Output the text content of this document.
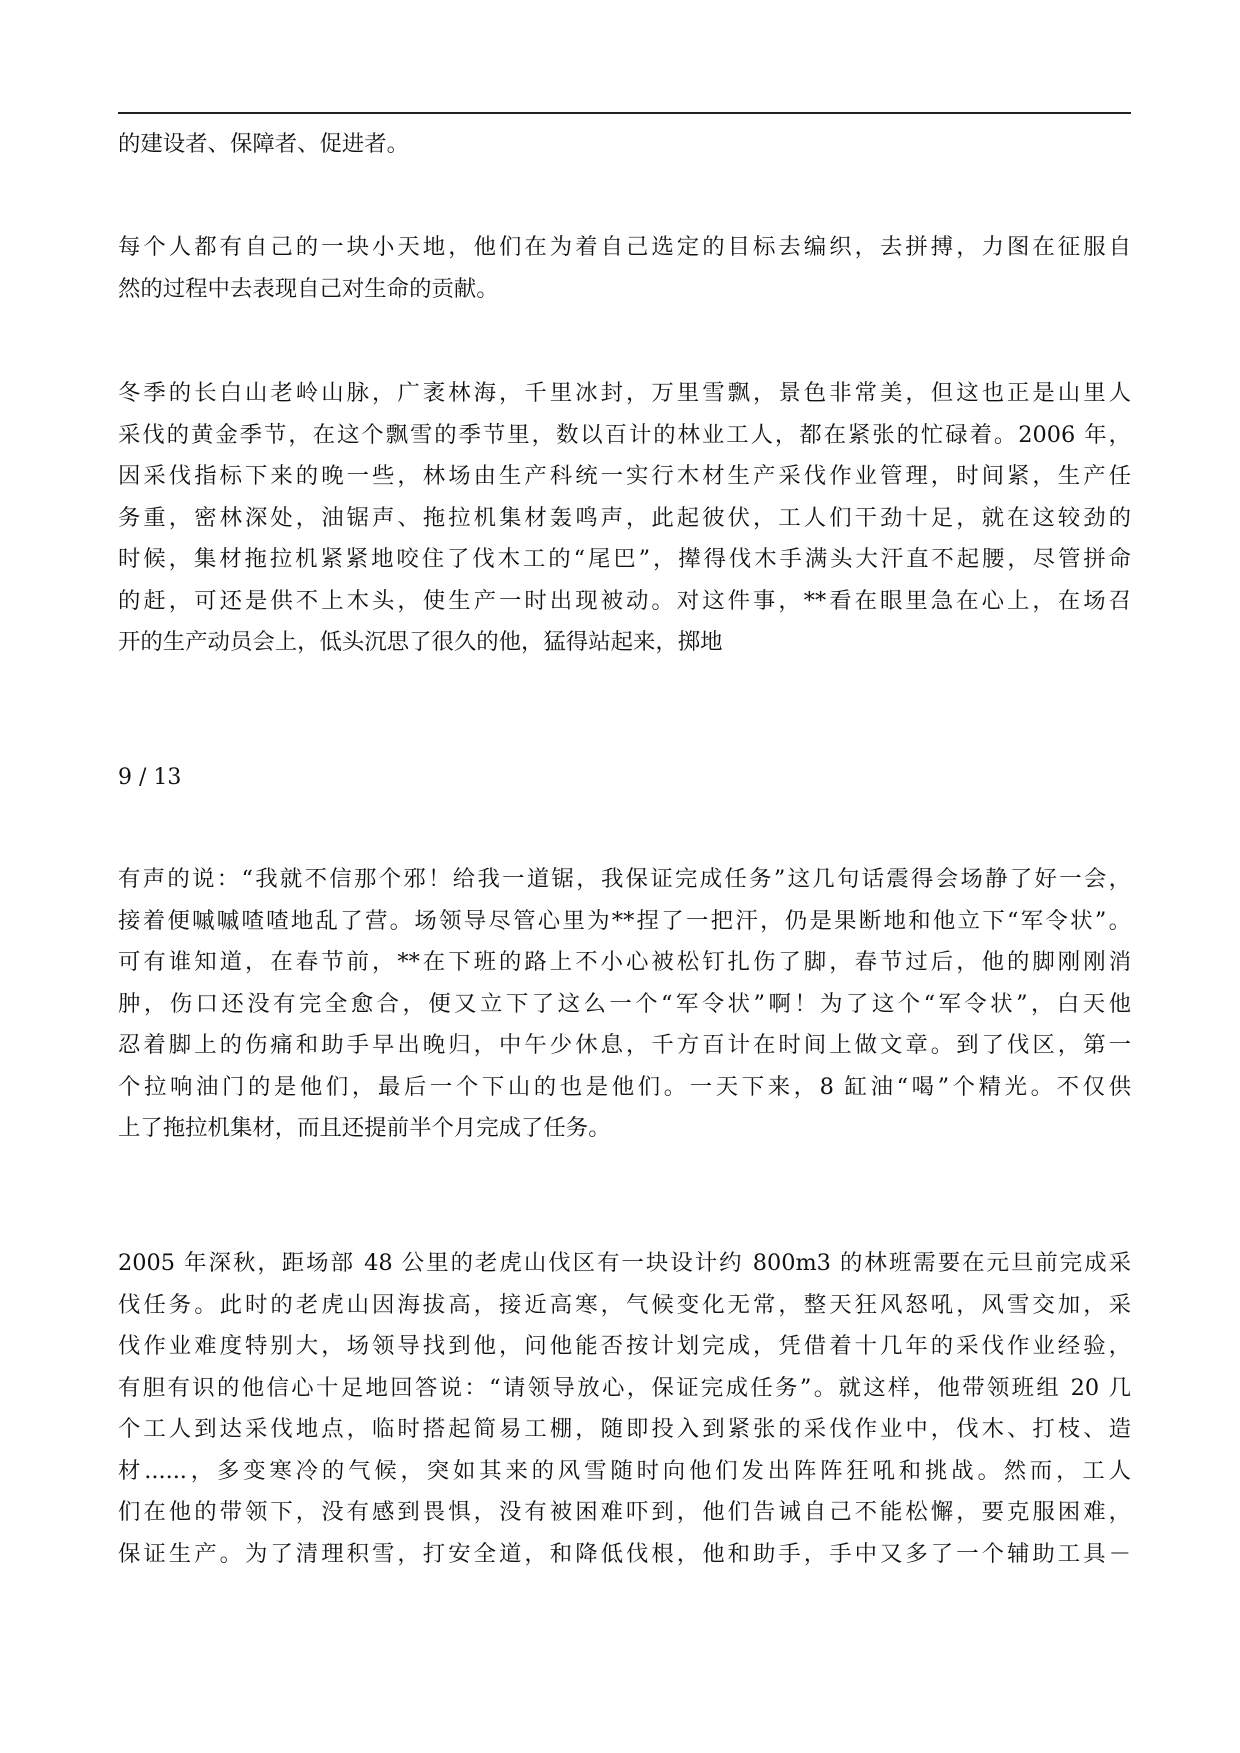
的建设者、保障者、促进者。
每个人都有自己的一块小天地，他们在为着自己选定的目标去编织，去拼搏，力图在征服自
然的过程中去表现自己对生命的贡献。
冬季的长白山老岭山脉，广袤林海，千里冰封，万里雪飘，景色非常美，但这也正是山里人
采伐的黄金季节，在这个飘雪的季节里，数以百计的林业工人，都在紧张的忙碌着。2006 年，
因采伐指标下来的晚一些，林场由生产科统一实行木材生产采伐作业管理，时间紧，生产任
务重，密林深处，油锯声、拖拉机集材轰鸣声，此起彼伏，工人们干劲十足，就在这较劲的
时候，集材拖拉机紧紧地咬住了伐木工的“尾巴”，撵得伐木手满头大汗直不起腰，尽管拼命
的赶，可还是供不上木头，使生产一时出现被动。对这件事，**看在眼里急在心上，在场召
开的生产动员会上，低头沉思了很久的他，猛得站起来，掷地
9 / 13
有声的说：“我就不信那个邪！给我一道锯，我保证完成任务”这几句话震得会场静了好一会，
接着便嘁嘁喳喳地乱了营。场领导尽管心里为**捏了一把汗，仍是果断地和他立下“军令状”。
可有谁知道，在春节前，**在下班的路上不小心被松钉扎伤了脚，春节过后，他的脚刚刚消
肿，伤口还没有完全愈合，便又立下了这么一个“军令状”啊！为了这个“军令状”，白天他
忍着脚上的伤痛和助手早出晚归，中午少休息，千方百计在时间上做文章。到了伐区，第一
个拉响油门的是他们，最后一个下山的也是他们。一天下来，8 缸油“喝”个精光。不仅供
上了拖拉机集材，而且还提前半个月完成了任务。
2005 年深秋，距场部 48 公里的老虎山伐区有一块设计约 800m3 的林班需要在元旦前完成采
伐任务。此时的老虎山因海拔高，接近高寒，气候变化无常，整天狂风怒吼，风雪交加，采
伐作业难度特别大，场领导找到他，问他能否按计划完成，凭借着十几年的采伐作业经验，
有胆有识的他信心十足地回答说：“请领导放心，保证完成任务”。就这样，他带领班组 20 几
个工人到达采伐地点，临时搭起简易工棚，随即投入到紧张的采伐作业中，伐木、打枝、造
材......，多变寒冷的气候，突如其来的风雪随时向他们发出阵阵狂吼和挑战。然而，工人
们在他的带领下，没有感到畏惧，没有被困难吓到，他们告诫自己不能松懈，要克服困难，
保证生产。为了清理积雪，打安全道，和降低伐根，他和助手，手中又多了一个辅助工具－
